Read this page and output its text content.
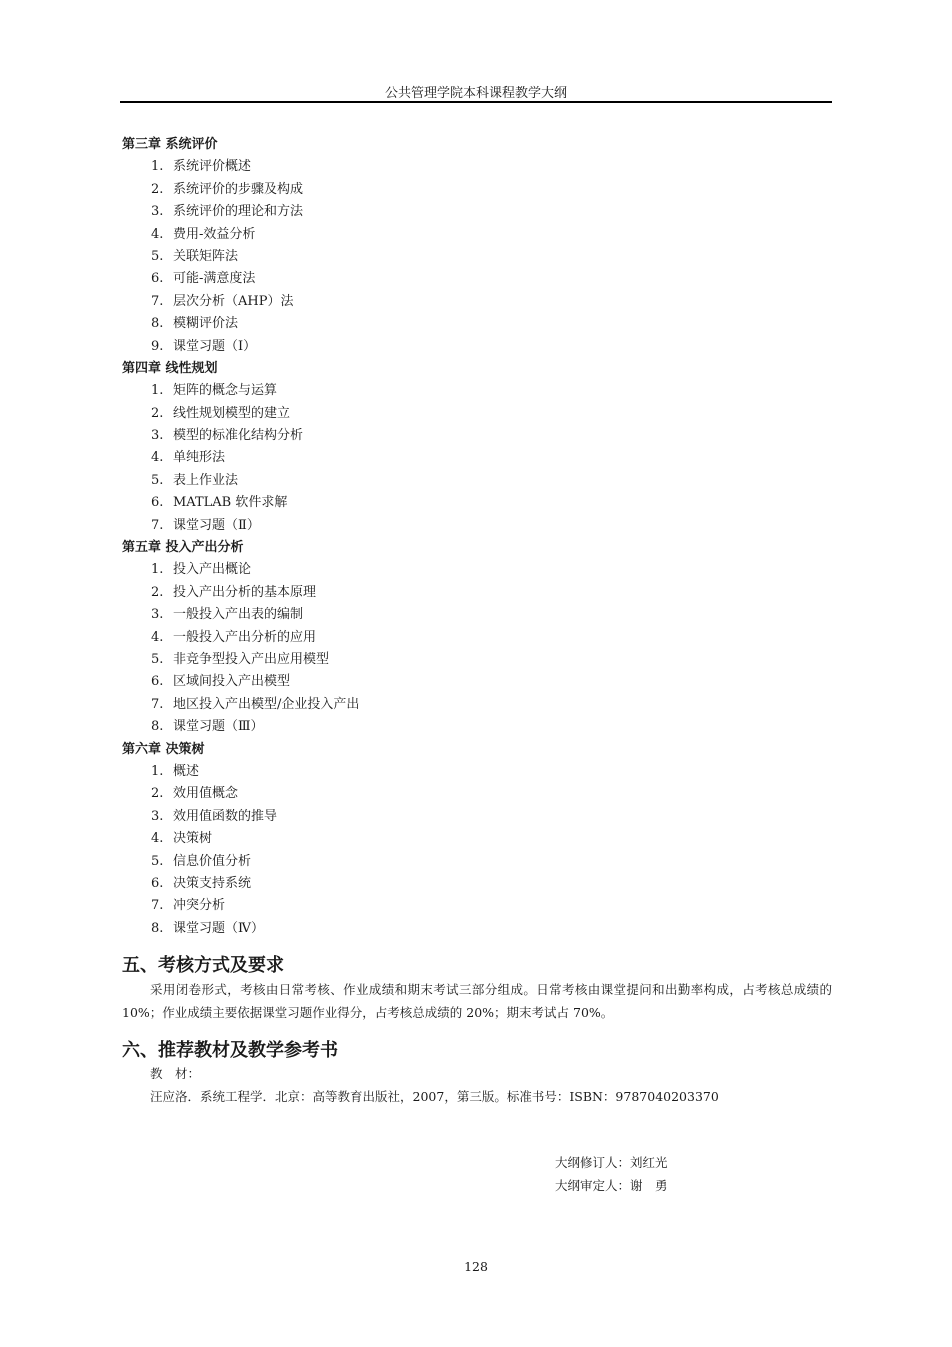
公共管理学院本科课程教学大纲
第三章 系统评价
1. 系统评价概述
2. 系统评价的步骤及构成
3. 系统评价的理论和方法
4. 费用-效益分析
5. 关联矩阵法
6. 可能-满意度法
7. 层次分析（AHP）法
8. 模糊评价法
9. 课堂习题（Ⅰ）
第四章 线性规划
1. 矩阵的概念与运算
2. 线性规划模型的建立
3. 模型的标准化结构分析
4. 单纯形法
5. 表上作业法
6. MATLAB 软件求解
7. 课堂习题（Ⅱ）
第五章 投入产出分析
1. 投入产出概论
2. 投入产出分析的基本原理
3. 一般投入产出表的编制
4. 一般投入产出分析的应用
5. 非竞争型投入产出应用模型
6. 区域间投入产出模型
7. 地区投入产出模型/企业投入产出
8. 课堂习题（Ⅲ）
第六章 决策树
1. 概述
2. 效用值概念
3. 效用值函数的推导
4. 决策树
5. 信息价值分析
6. 决策支持系统
7. 冲突分析
8. 课堂习题（Ⅳ）
五、考核方式及要求
采用闭卷形式，考核由日常考核、作业成绩和期末考试三部分组成。日常考核由课堂提问和出勤率构成，占考核总成绩的 10%；作业成绩主要依据课堂习题作业得分，占考核总成绩的 20%；期末考试占 70%。
六、推荐教材及教学参考书
教　材：
汪应洛．系统工程学．北京：高等教育出版社，2007，第三版。标准书号：ISBN：9787040203370
大纲修订人：刘红光
大纲审定人：谢　勇
128
